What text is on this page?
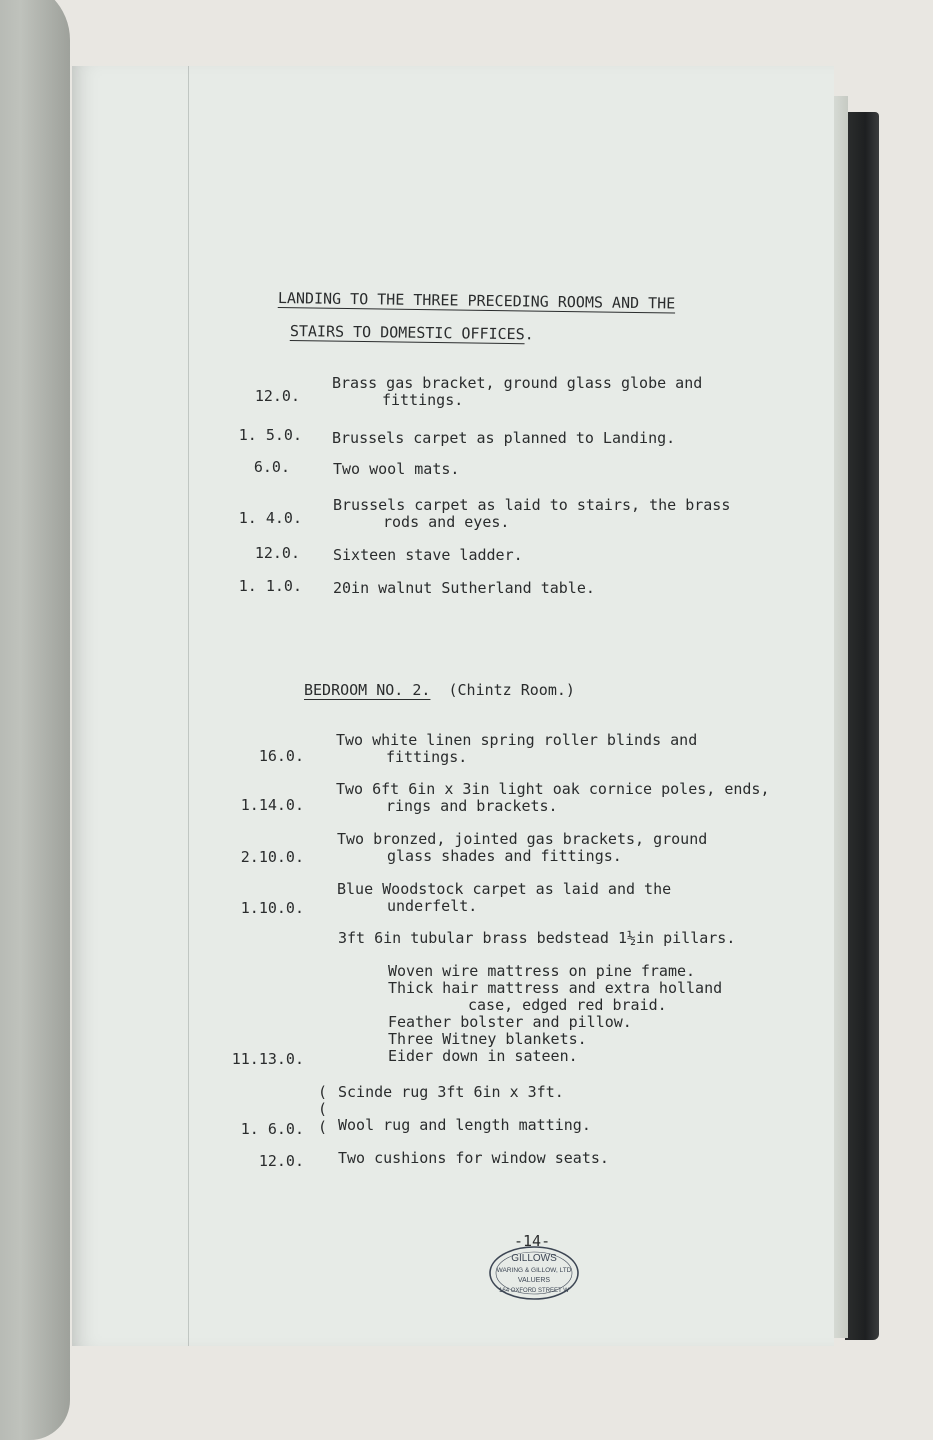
LANDING TO THE THREE PRECEDING ROOMS AND THE
STAIRS TO DOMESTIC OFFICES.
12.0.
Brass gas bracket, ground glass globe and
fittings.
1. 5.0. Brussels carpet as planned to Landing.
6.0.	Two wool mats.
1. 4.0.
Brussels carpet as laid to stairs, the brass
rods and eyes.
12.0. Sixteen stave ladder.
1. 1.0. 20in walnut Sutherland table.
BEDROOM NO. 2. (Chintz Room.)
16.0.
Two white linen spring roller blinds and
fittings.
1.14.0.
Two 6ft 6in x 3in light oak cornice poles, ends,
rings and brackets.
2.10.0.
Two bronzed, jointed gas brackets, ground
glass shades and fittings.
1.10.0.
Blue Woodstock carpet as laid and the
underfelt.
3ft 6in tubular brass bedstead 1½in pillars.
Woven wire mattress on pine frame.
Thick hair mattress and extra holland
case, edged red braid.
Feather bolster and pillow.
Three Witney blankets.
Eider down in sateen.
11.13.0.
(
(
(
Scinde rug 3ft 6in x 3ft.
Wool rug and length matting.
1. 6.0.
12.0. Two cushions for window seats.
-14-
GILLOWS
WARING & GILLOW, LTD
VALUERS
164 OXFORD STREET W
